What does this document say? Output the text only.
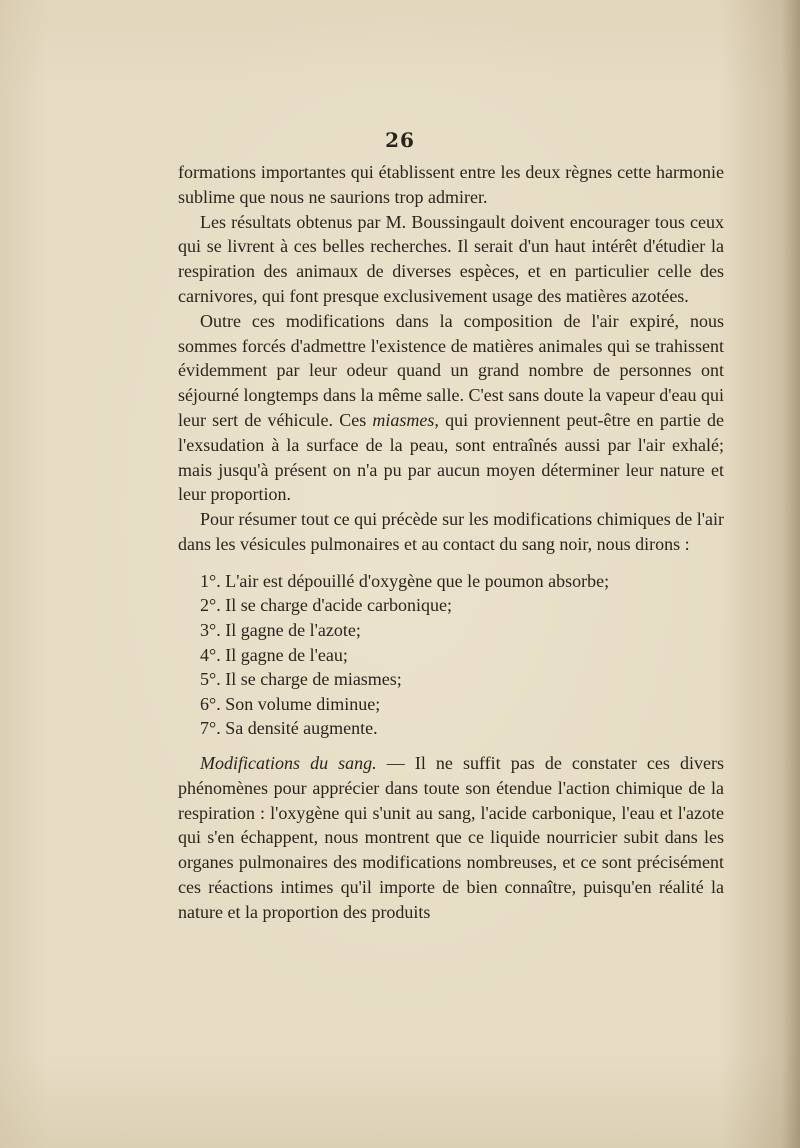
26

formations importantes qui établissent entre les deux règnes cette harmonie sublime que nous ne saurions trop admirer.

Les résultats obtenus par M. Boussingault doivent encourager tous ceux qui se livrent à ces belles recherches. Il serait d'un haut intérêt d'étudier la respiration des animaux de diverses espèces, et en particulier celle des carnivores, qui font presque exclusivement usage des matières azotées.

Outre ces modifications dans la composition de l'air expiré, nous sommes forcés d'admettre l'existence de matières animales qui se trahissent évidemment par leur odeur quand un grand nombre de personnes ont séjourné longtemps dans la même salle. C'est sans doute la vapeur d'eau qui leur sert de véhicule. Ces miasmes, qui proviennent peut-être en partie de l'exsudation à la surface de la peau, sont entraînés aussi par l'air exhalé; mais jusqu'à présent on n'a pu par aucun moyen déterminer leur nature et leur proportion.

Pour résumer tout ce qui précède sur les modifications chimiques de l'air dans les vésicules pulmonaires et au contact du sang noir, nous dirons :

1°. L'air est dépouillé d'oxygène que le poumon absorbe;
2°. Il se charge d'acide carbonique;
3°. Il gagne de l'azote;
4°. Il gagne de l'eau;
5°. Il se charge de miasmes;
6°. Son volume diminue;
7°. Sa densité augmente.

Modifications du sang. — Il ne suffit pas de constater ces divers phénomènes pour apprécier dans toute son étendue l'action chimique de la respiration : l'oxygène qui s'unit au sang, l'acide carbonique, l'eau et l'azote qui s'en échappent, nous montrent que ce liquide nourricier subit dans les organes pulmonaires des modifications nombreuses, et ce sont précisément ces réactions intimes qu'il importe de bien connaître, puisqu'en réalité la nature et la proportion des produits
